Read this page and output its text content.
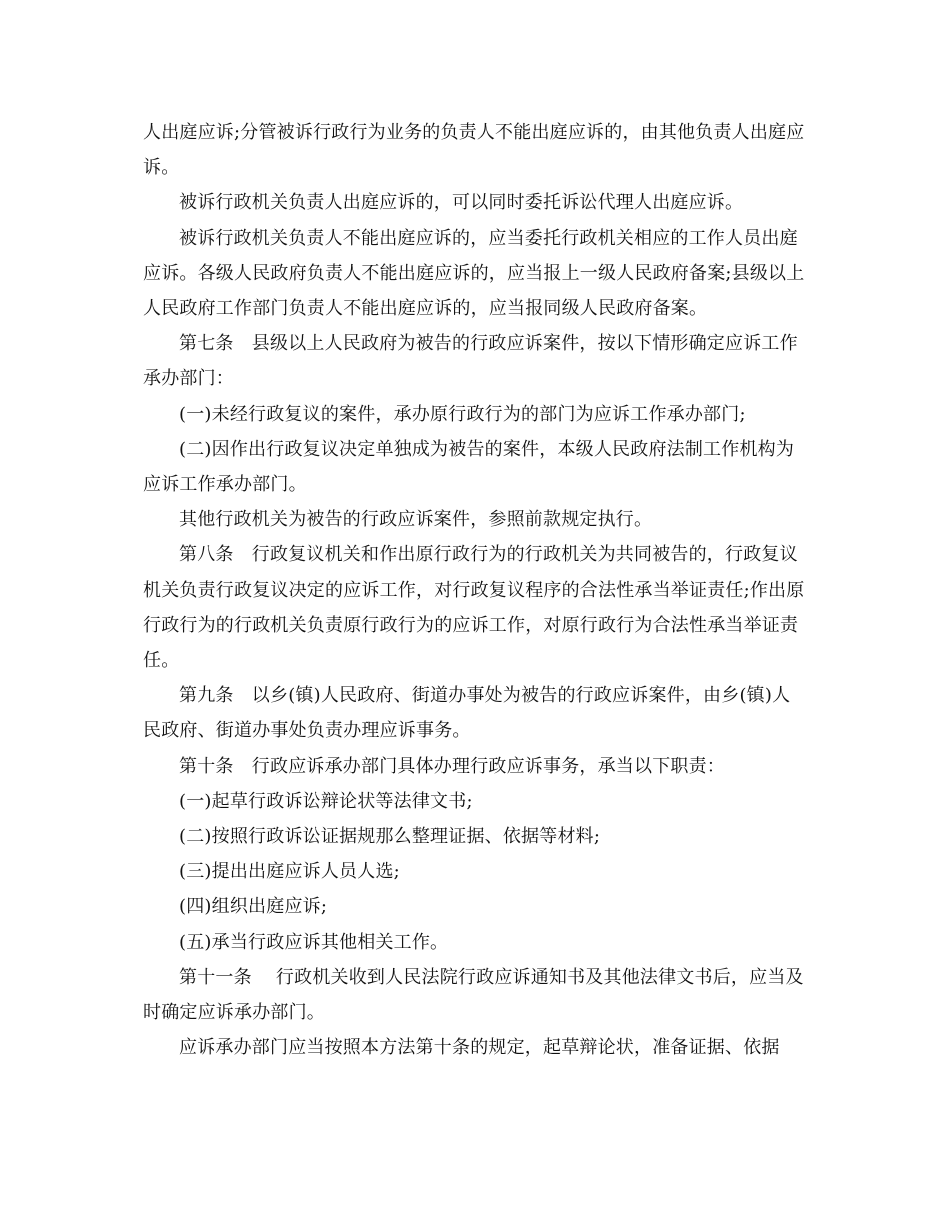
人出庭应诉;分管被诉行政行为业务的负责人不能出庭应诉的，由其他负责人出庭应诉。

被诉行政机关负责人出庭应诉的，可以同时委托诉讼代理人出庭应诉。

被诉行政机关负责人不能出庭应诉的，应当委托行政机关相应的工作人员出庭应诉。各级人民政府负责人不能出庭应诉的，应当报上一级人民政府备案;县级以上人民政府工作部门负责人不能出庭应诉的，应当报同级人民政府备案。

第七条　县级以上人民政府为被告的行政应诉案件，按以下情形确定应诉工作承办部门：

(一)未经行政复议的案件，承办原行政行为的部门为应诉工作承办部门;

(二)因作出行政复议决定单独成为被告的案件，本级人民政府法制工作机构为应诉工作承办部门。

其他行政机关为被告的行政应诉案件，参照前款规定执行。

第八条　行政复议机关和作出原行政行为的行政机关为共同被告的，行政复议机关负责行政复议决定的应诉工作，对行政复议程序的合法性承当举证责任;作出原行政行为的行政机关负责原行政行为的应诉工作，对原行政行为合法性承当举证责任。

第九条　以乡(镇)人民政府、街道办事处为被告的行政应诉案件，由乡(镇)人民政府、街道办事处负责办理应诉事务。

第十条　行政应诉承办部门具体办理行政应诉事务，承当以下职责：

(一)起草行政诉讼辩论状等法律文书;

(二)按照行政诉讼证据规那么整理证据、依据等材料;

(三)提出出庭应诉人员人选;

(四)组织出庭应诉;

(五)承当行政应诉其他相关工作。

第十一条　 行政机关收到人民法院行政应诉通知书及其他法律文书后，应当及时确定应诉承办部门。

应诉承办部门应当按照本方法第十条的规定，起草辩论状，准备证据、依据
